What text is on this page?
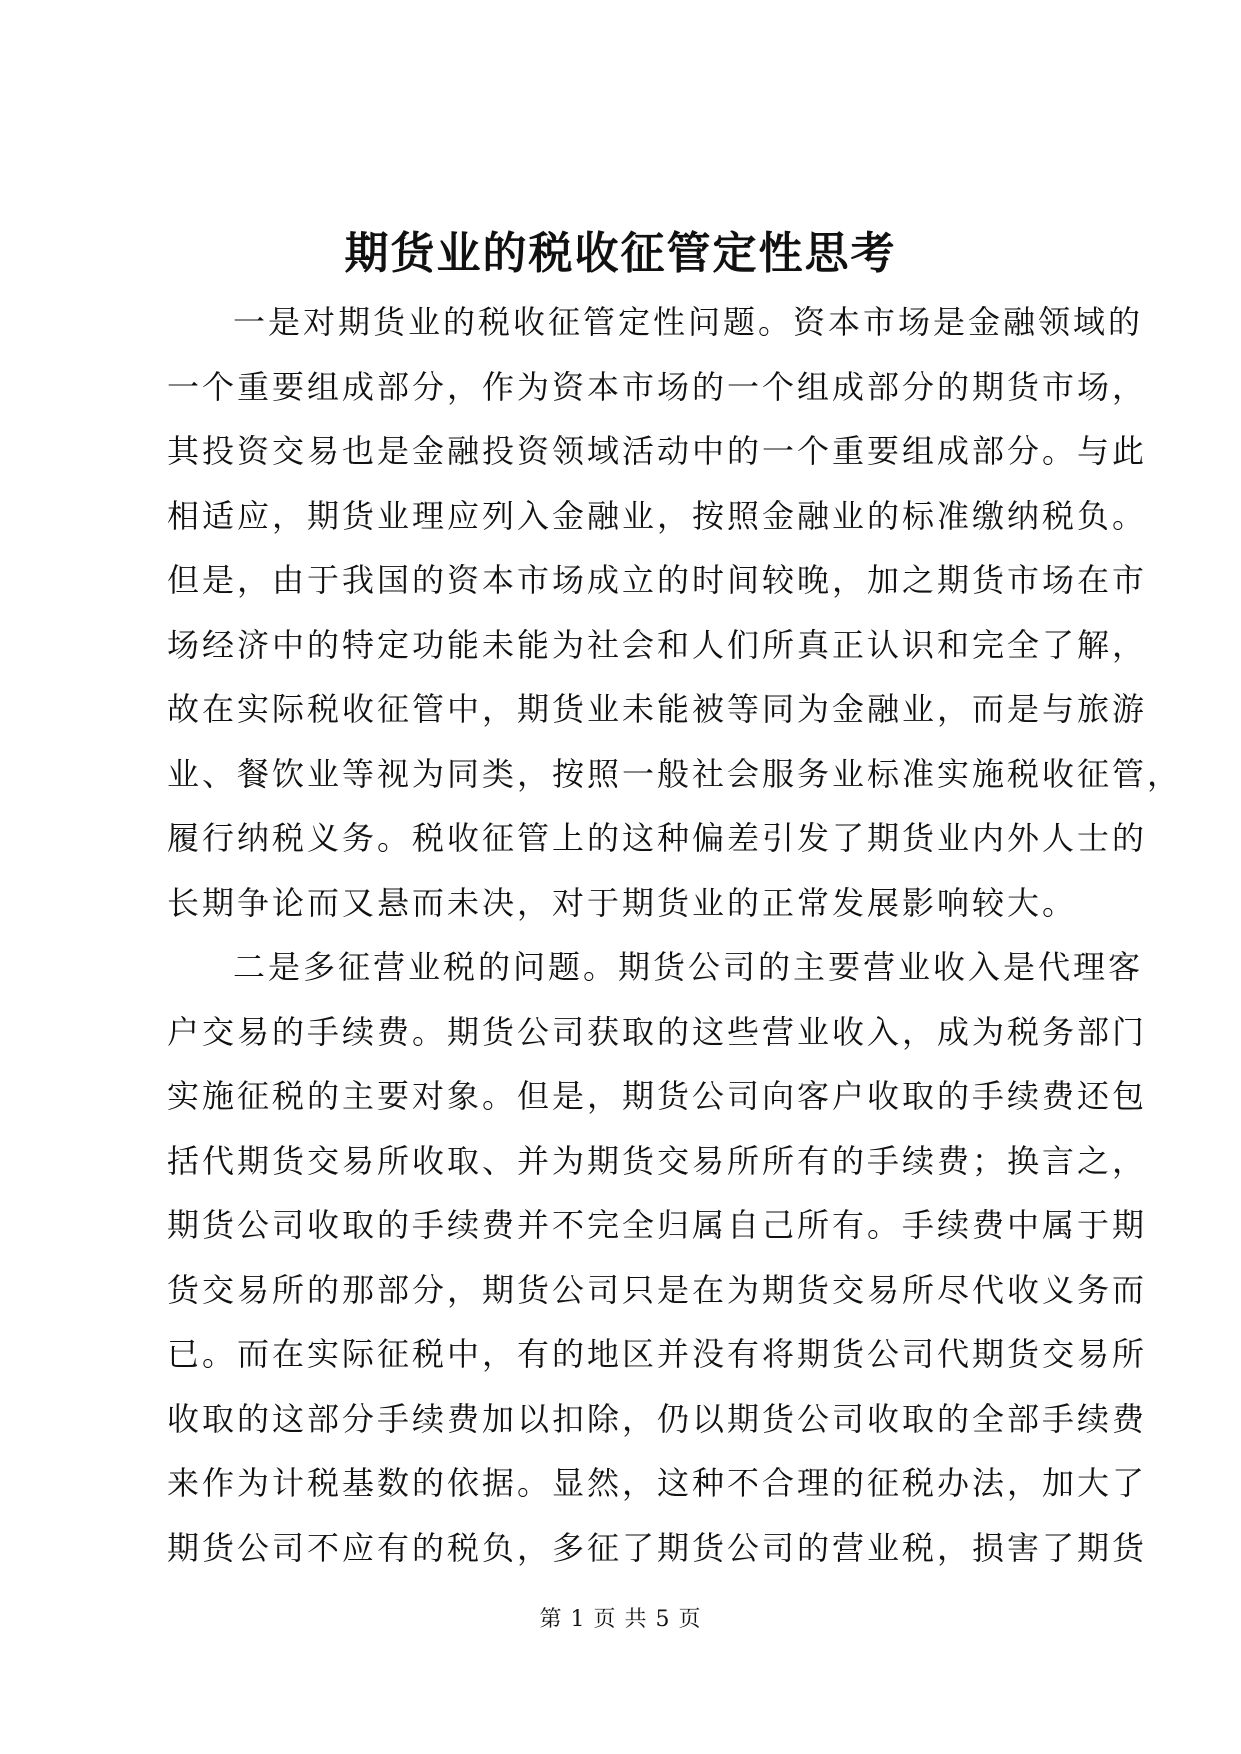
期货业的税收征管定性思考
一是对期货业的税收征管定性问题。资本市场是金融领域的
一个重要组成部分，作为资本市场的一个组成部分的期货市场，
其投资交易也是金融投资领域活动中的一个重要组成部分。与此
相适应，期货业理应列入金融业，按照金融业的标准缴纳税负。
但是，由于我国的资本市场成立的时间较晚，加之期货市场在市
场经济中的特定功能未能为社会和人们所真正认识和完全了解，
故在实际税收征管中，期货业未能被等同为金融业，而是与旅游
业、餐饮业等视为同类，按照一般社会服务业标准实施税收征管，
履行纳税义务。税收征管上的这种偏差引发了期货业内外人士的
长期争论而又悬而未决，对于期货业的正常发展影响较大。
二是多征营业税的问题。期货公司的主要营业收入是代理客
户交易的手续费。期货公司获取的这些营业收入，成为税务部门
实施征税的主要对象。但是，期货公司向客户收取的手续费还包
括代期货交易所收取、并为期货交易所所有的手续费；换言之，
期货公司收取的手续费并不完全归属自己所有。手续费中属于期
货交易所的那部分，期货公司只是在为期货交易所尽代收义务而
已。而在实际征税中，有的地区并没有将期货公司代期货交易所
收取的这部分手续费加以扣除，仍以期货公司收取的全部手续费
来作为计税基数的依据。显然，这种不合理的征税办法，加大了
期货公司不应有的税负，多征了期货公司的营业税，损害了期货
第 1 页 共 5 页
